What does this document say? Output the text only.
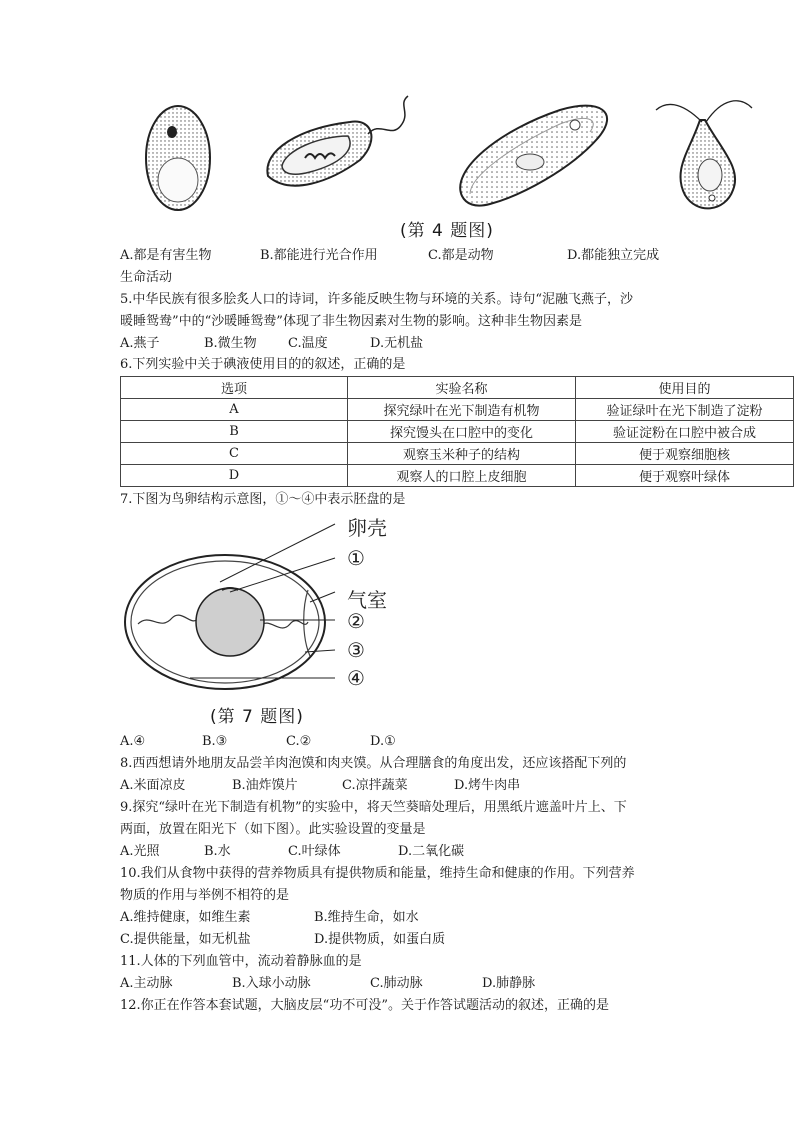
(第 4 题图)
A.都是有害生物	B.都能进行光合作用	C.都是动物	D.都能独立完成
生命活动
5.中华民族有很多脍炙人口的诗词，许多能反映生物与环境的关系。诗句“泥融飞燕子，沙
暖睡鸳鸯”中的“沙暖睡鸳鸯”体现了非生物因素对生物的影响。这种非生物因素是
A.燕子	B.微生物 C.温度	D.无机盐
6.下列实验中关于碘液使用目的的叙述，正确的是
选项	实验名称	使用目的
A	探究绿叶在光下制造有机物	验证绿叶在光下制造了淀粉
B	探究馒头在口腔中的变化	验证淀粉在口腔中被合成
C	观察玉米种子的结构	便于观察细胞核
D	观察人的口腔上皮细胞	便于观察叶绿体
7.下图为鸟卵结构示意图，①～④中表示胚盘的是
卵壳
①
气室
②
③
④
(第 7 题图)
A.④	B.③	C.②	D.①
8.西西想请外地朋友品尝羊肉泡馍和肉夹馍。从合理膳食的角度出发，还应该搭配下列的
A.米面凉皮	B.油炸馍片	C.凉拌蔬菜	D.烤牛肉串
9.探究“绿叶在光下制造有机物”的实验中，将天竺葵暗处理后，用黑纸片遮盖叶片上、下
两面，放置在阳光下（如下图）。此实验设置的变量是
A.光照	B.水	C.叶绿体	D.二氧化碳
10.我们从食物中获得的营养物质具有提供物质和能量，维持生命和健康的作用。下列营养
物质的作用与举例不相符的是
A.维持健康，如维生素	B.维持生命，如水
C.提供能量，如无机盐	D.提供物质，如蛋白质
11.人体的下列血管中，流动着静脉血的是
A.主动脉	B.入球小动脉	C.肺动脉	D.肺静脉
12.你正在作答本套试题，大脑皮层“功不可没”。关于作答试题活动的叙述，正确的是
